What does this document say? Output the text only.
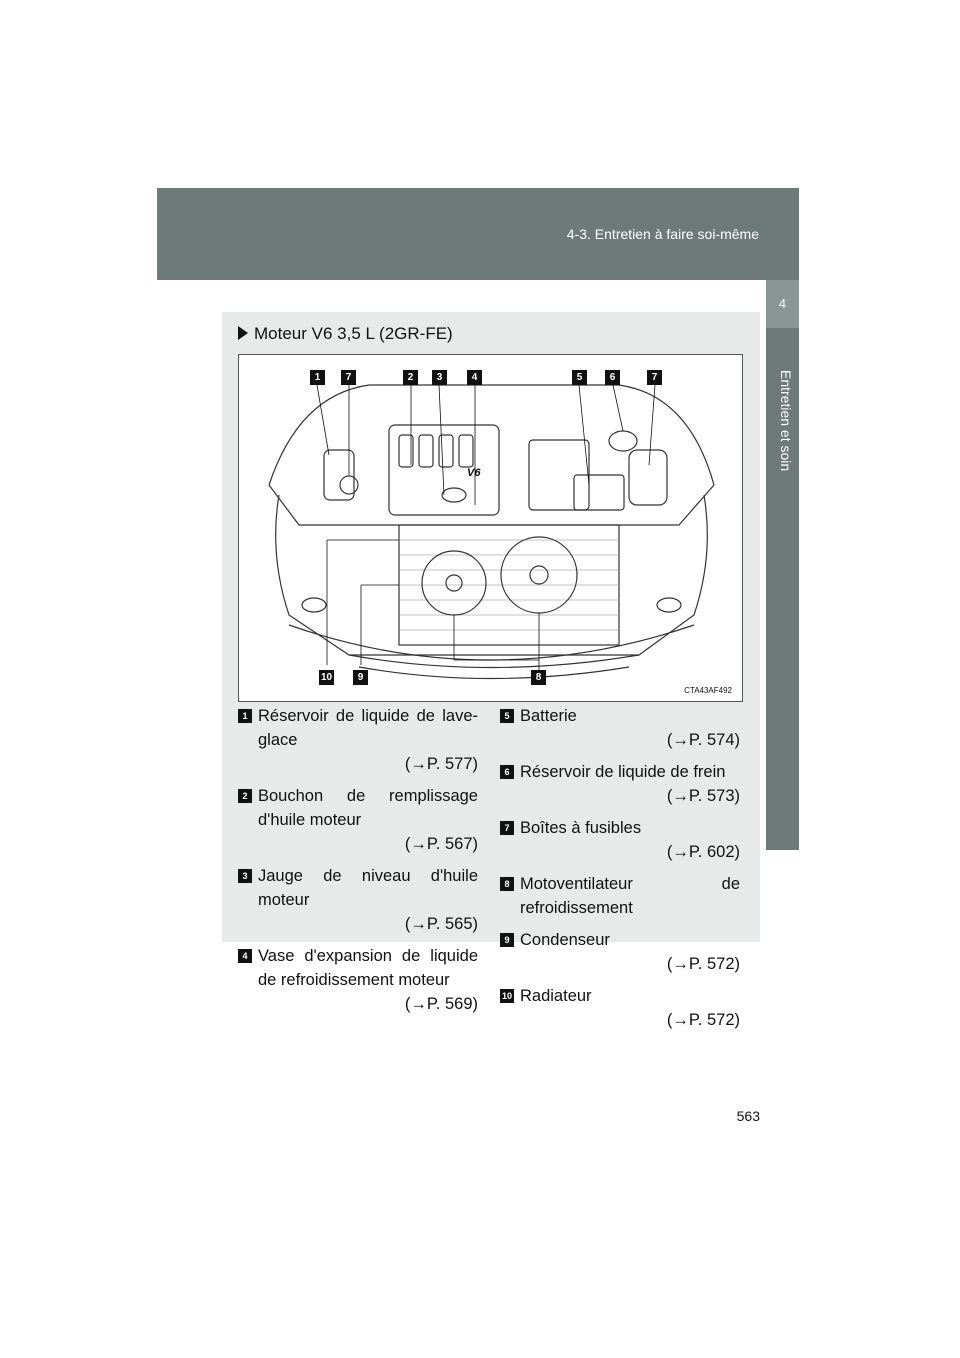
4-3. Entretien à faire soi-même
4
Entretien et soin
Moteur V6 3,5 L (2GR-FE)
1	7	2	3	4	5	6	7
10	9	8
V6
CTA43AF492
1 Réservoir de liquide de lave-glace
(→P. 577)
2 Bouchon de remplissage d'huile moteur
(→P. 567)
3 Jauge de niveau d'huile moteur
(→P. 565)
4 Vase d'expansion de liquide de refroidissement moteur
(→P. 569)
5 Batterie
(→P. 574)
6 Réservoir de liquide de frein
(→P. 573)
7 Boîtes à fusibles
(→P. 602)
8 Motoventilateur de refroidissement
9 Condenseur
(→P. 572)
10 Radiateur
(→P. 572)
563
